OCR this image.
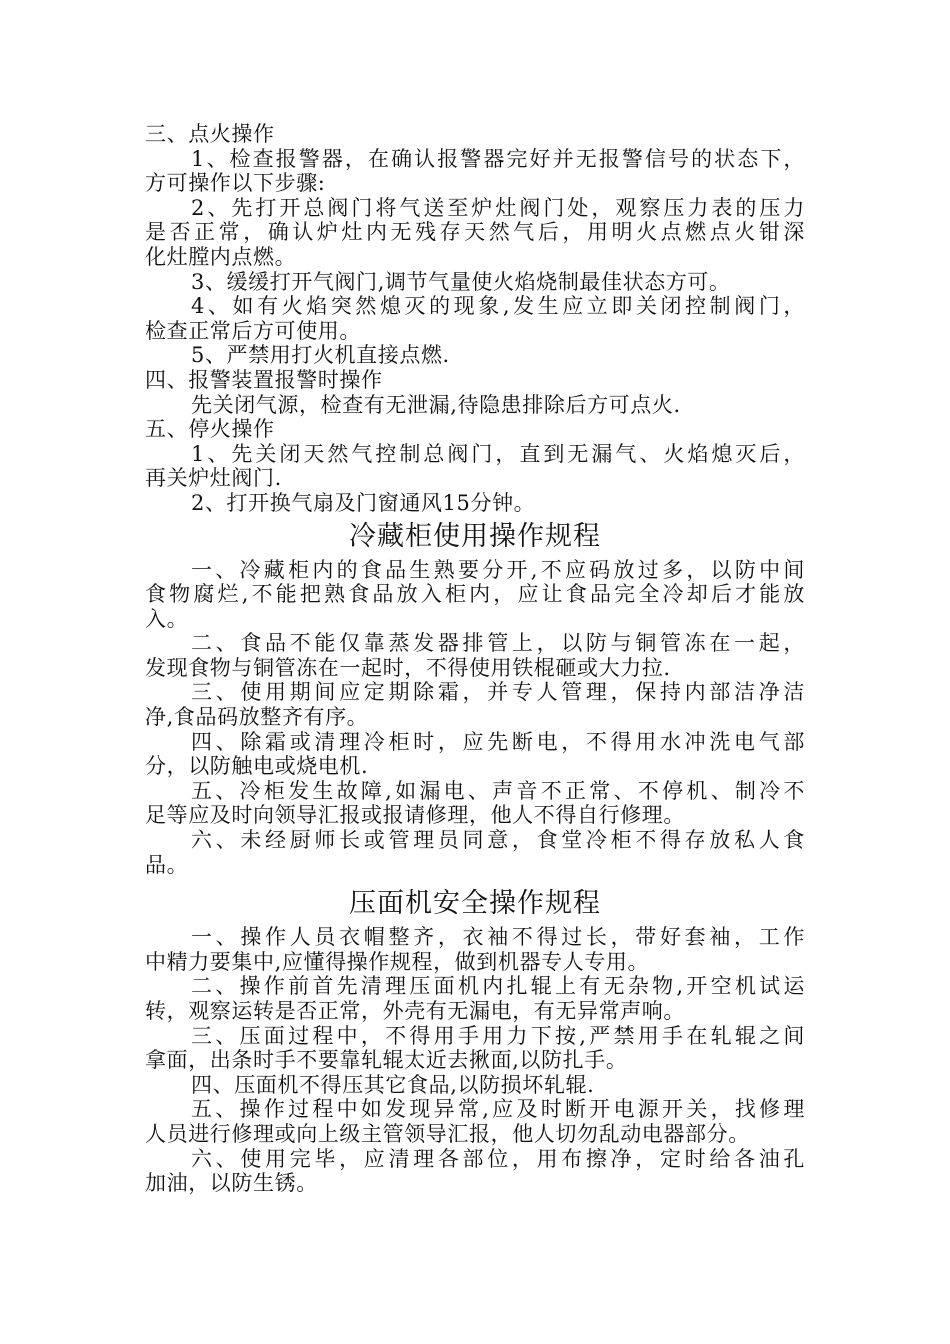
三、点火操作
1、检查报警器，在确认报警器完好并无报警信号的状态下，
方可操作以下步骤:
2、先打开总阀门将气送至炉灶阀门处，观察压力表的压力
是否正常，确认炉灶内无残存天然气后，用明火点燃点火钳深
化灶膛内点燃。
3、缓缓打开气阀门,调节气量使火焰烧制最佳状态方可。
4、如有火焰突然熄灭的现象,发生应立即关闭控制阀门，
检查正常后方可使用。
5、严禁用打火机直接点燃.
四、报警装置报警时操作
先关闭气源，检查有无泄漏,待隐患排除后方可点火.
五、停火操作
1、先关闭天然气控制总阀门，直到无漏气、火焰熄灭后，
再关炉灶阀门.
2、打开换气扇及门窗通风15分钟。
冷藏柜使用操作规程
一、冷藏柜内的食品生熟要分开,不应码放过多，以防中间
食物腐烂,不能把熟食品放入柜内，应让食品完全冷却后才能放
入。
二、食品不能仅靠蒸发器排管上，以防与铜管冻在一起，
发现食物与铜管冻在一起时，不得使用铁棍砸或大力拉.
三、使用期间应定期除霜，并专人管理，保持内部洁净洁
净,食品码放整齐有序。
四、除霜或清理冷柜时，应先断电，不得用水冲洗电气部
分，以防触电或烧电机.
五、冷柜发生故障,如漏电、声音不正常、不停机、制冷不
足等应及时向领导汇报或报请修理，他人不得自行修理。
六、未经厨师长或管理员同意，食堂冷柜不得存放私人食
品。
压面机安全操作规程
一、操作人员衣帽整齐，衣袖不得过长，带好套袖，工作
中精力要集中,应懂得操作规程，做到机器专人专用。
二、操作前首先清理压面机内扎辊上有无杂物,开空机试运
转，观察运转是否正常，外壳有无漏电，有无异常声响。
三、压面过程中，不得用手用力下按,严禁用手在轧辊之间
拿面，出条时手不要靠轧辊太近去揪面,以防扎手。
四、压面机不得压其它食品,以防损坏轧辊.
五、操作过程中如发现异常,应及时断开电源开关，找修理
人员进行修理或向上级主管领导汇报，他人切勿乱动电器部分。
六、使用完毕，应清理各部位，用布擦净，定时给各油孔
加油，以防生锈。
